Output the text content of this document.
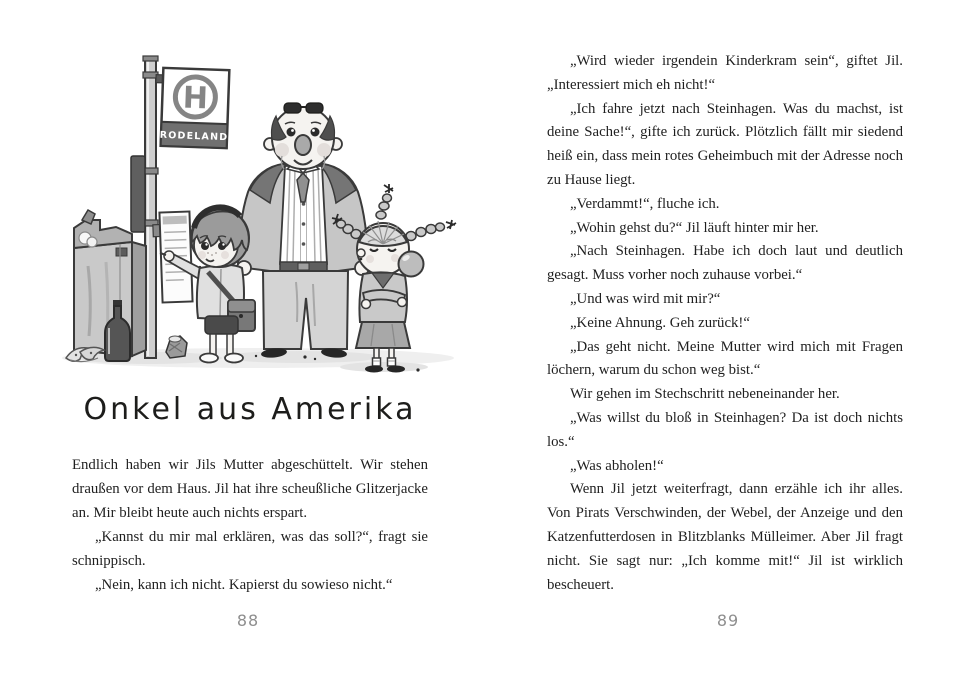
H
RODELAND
Onkel aus Amerika

Endlich haben wir Jils Mutter abgeschüttelt. Wir stehen draußen vor dem Haus. Jil hat ihre scheußliche Glitzerjacke an. Mir bleibt heute auch nichts erspart.

„Kannst du mir mal erklären, was das soll?“, fragt sie schnippisch.

„Nein, kann ich nicht. Kapierst du sowieso nicht.“

88

„Wird wieder irgendein Kinderkram sein“, giftet Jil. „Interessiert mich eh nicht!“

„Ich fahre jetzt nach Steinhagen. Was du machst, ist deine Sache!“, gifte ich zurück. Plötzlich fällt mir siedend heiß ein, dass mein rotes Geheimbuch mit der Adresse noch zu Hause liegt.

„Verdammt!“, fluche ich.

„Wohin gehst du?“ Jil läuft hinter mir her.

„Nach Steinhagen. Habe ich doch laut und deutlich gesagt. Muss vorher noch zuhause vorbei.“

„Und was wird mit mir?“

„Keine Ahnung. Geh zurück!“

„Das geht nicht. Meine Mutter wird mich mit Fragen löchern, warum du schon weg bist.“

Wir gehen im Stechschritt nebeneinander her.

„Was willst du bloß in Steinhagen? Da ist doch nichts los.“

„Was abholen!“

Wenn Jil jetzt weiterfragt, dann erzähle ich ihr alles. Von Pirats Verschwinden, der Webel, der Anzeige und den Katzenfutterdosen in Blitzblanks Mülleimer. Aber Jil fragt nicht. Sie sagt nur: „Ich komme mit!“ Jil ist wirklich bescheuert.

89
